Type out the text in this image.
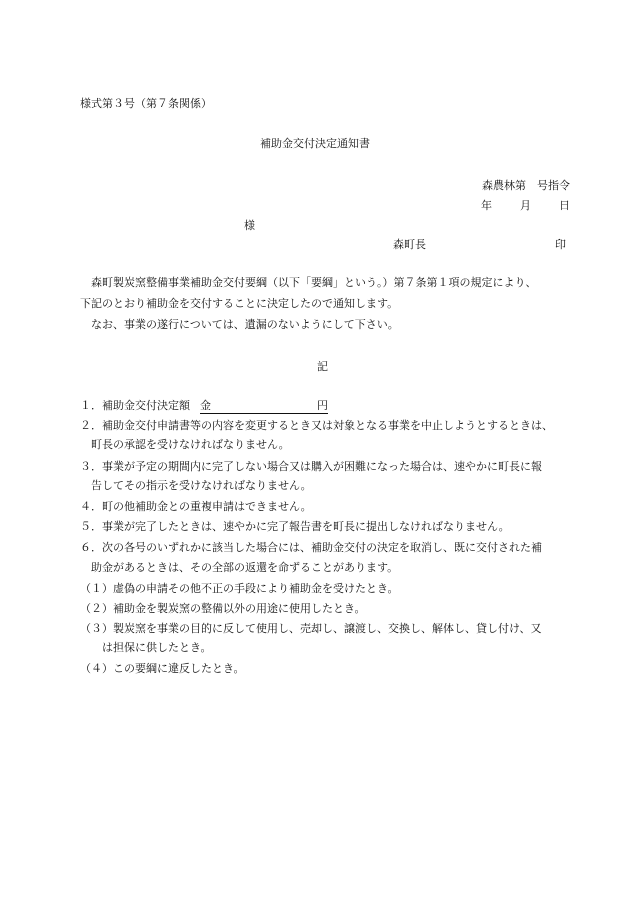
様式第３号（第７条関係）
補助金交付決定通知書
森農林第　号指令
年	月	日
様
森町長	印
　森町製炭窯整備事業補助金交付要綱（以下「要綱」という。）第７条第１項の規定により、
下記のとおり補助金を交付することに決定したので通知します。
　なお、事業の遂行については、遺漏のないようにして下さい。
記
１．補助金交付決定額 金	円
２．補助金交付申請書等の内容を変更するとき又は対象となる事業を中止しようとするときは、
　町長の承認を受けなければなりません。
３．事業が予定の期間内に完了しない場合又は購入が困難になった場合は、速やかに町長に報
　告してその指示を受けなければなりません。
４．町の他補助金との重複申請はできません。
５．事業が完了したときは、速やかに完了報告書を町長に提出しなければなりません。
６．次の各号のいずれかに該当した場合には、補助金交付の決定を取消し、既に交付された補
　助金があるときは、その全部の返還を命ずることがあります。
（１）虚偽の申請その他不正の手段により補助金を受けたとき。
（２）補助金を製炭窯の整備以外の用途に使用したとき。
（３）製炭窯を事業の目的に反して使用し、売却し、譲渡し、交換し、解体し、貸し付け、又
　　は担保に供したとき。
（４）この要綱に違反したとき。
